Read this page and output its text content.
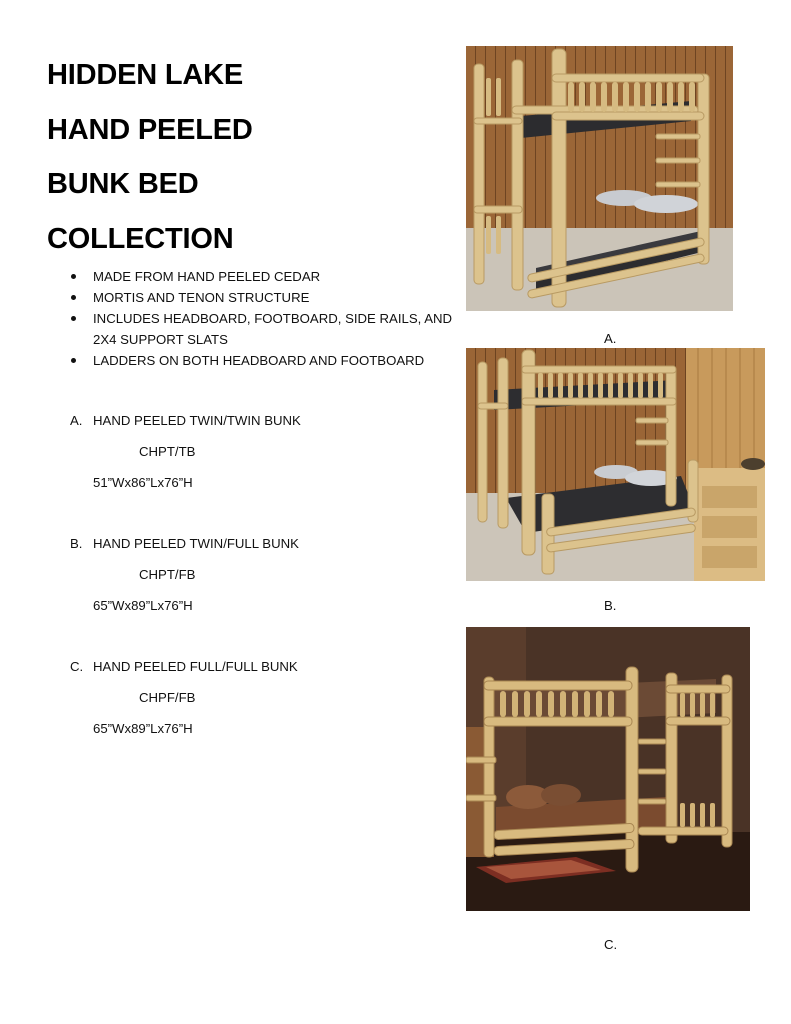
HIDDEN LAKE
HAND PEELED
BUNK BED
COLLECTION
MADE FROM HAND PEELED CEDAR
MORTIS AND TENON STRUCTURE
INCLUDES HEADBOARD, FOOTBOARD, SIDE RAILS, AND 2X4 SUPPORT SLATS
LADDERS ON BOTH HEADBOARD AND FOOTBOARD
A. HAND PEELED TWIN/TWIN BUNK
CHPT/TB
51”Wx86”Lx76”H
B. HAND PEELED TWIN/FULL BUNK
CHPT/FB
65”Wx89”Lx76”H
C. HAND PEELED FULL/FULL BUNK
CHPF/FB
65”Wx89”Lx76”H
A.
B.
C.
